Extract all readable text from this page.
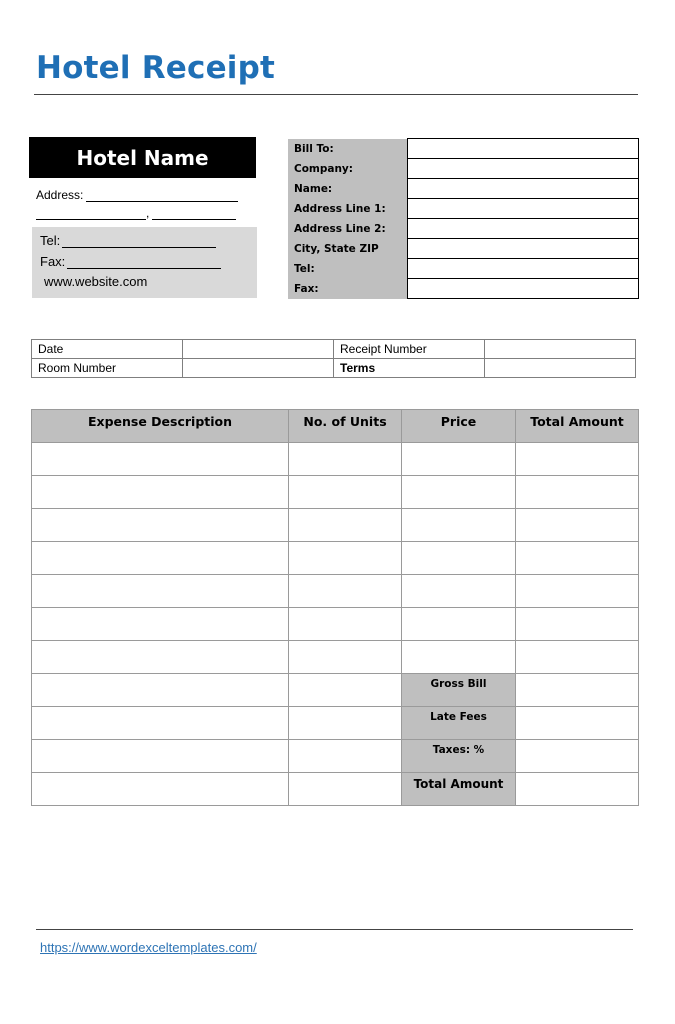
Hotel Receipt
Hotel Name
Address:
,
Tel:
Fax:
www.website.com
Bill To:	
Company:	
Name:	
Address Line 1:	
Address Line 2:	
City, State ZIP	
Tel:	
Fax:	
Date		Receipt Number	
Room Number		Terms	
Expense Description	No. of Units	Price	Total Amount

		Gross Bill	
		Late Fees	
		Taxes: %	
		Total Amount	
https://www.wordexceltemplates.com/
